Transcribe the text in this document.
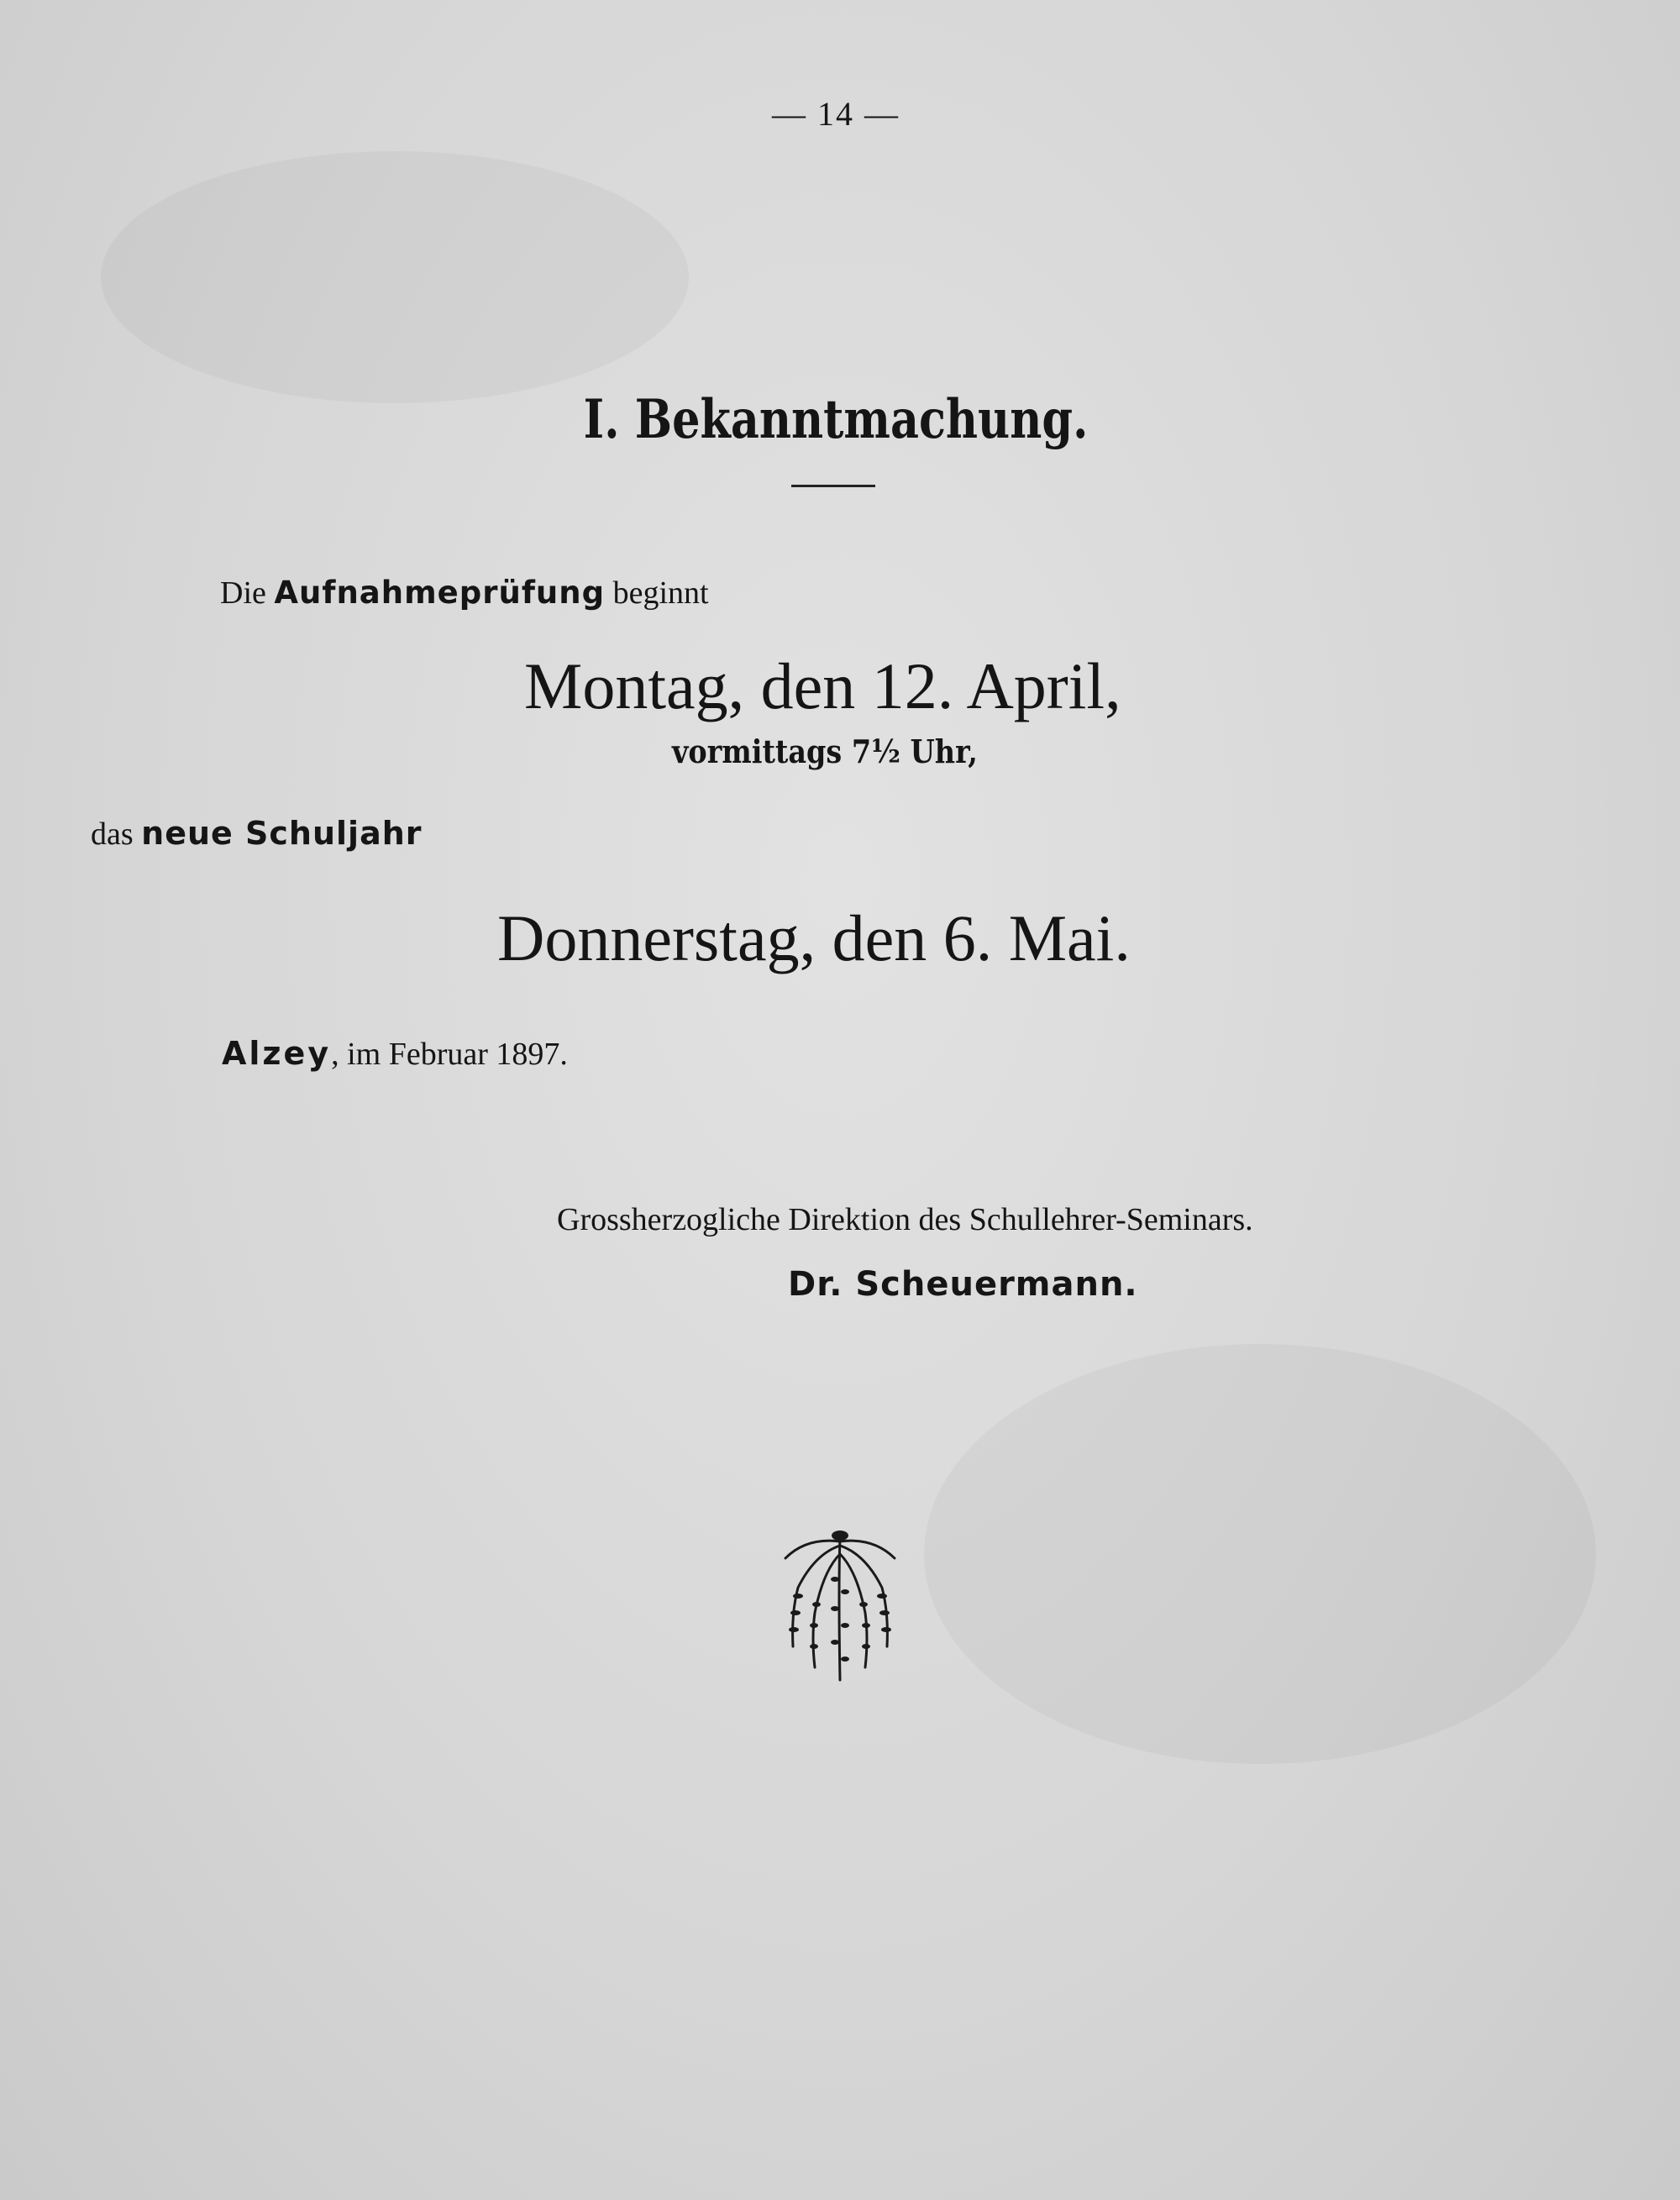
— 14 —
I. Bekanntmachung.
Die Aufnahmeprüfung beginnt
Montag, den 12. April,
vormittags 7½ Uhr,
das neue Schuljahr
Donnerstag, den 6. Mai.
Alzey, im Februar 1897.
Grossherzogliche Direktion des Schullehrer-Seminars.
Dr. Scheuermann.
